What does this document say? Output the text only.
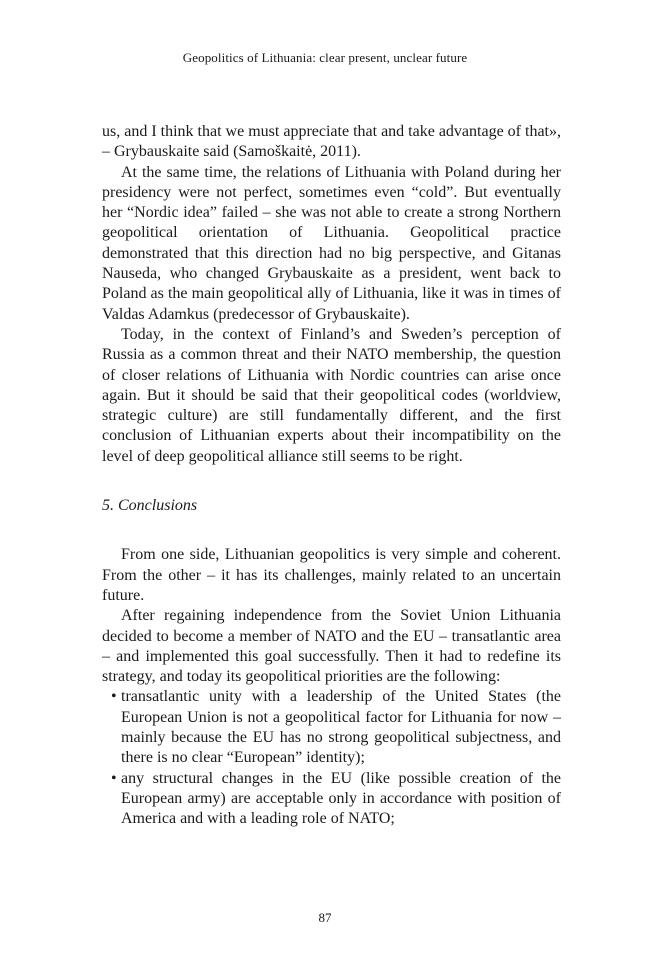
Geopolitics of Lithuania: clear present, unclear future

us, and I think that we must appreciate that and take advantage of that», – Grybauskaite said (Samoškaitė, 2011).

At the same time, the relations of Lithuania with Poland during her presidency were not perfect, sometimes even “cold”. But eventually her “Nordic idea” failed – she was not able to create a strong Northern geopolitical orientation of Lithuania. Geopolitical practice demonstrated that this direction had no big perspective, and Gitanas Nauseda, who changed Grybauskaite as a president, went back to Poland as the main geopolitical ally of Lithuania, like it was in times of Valdas Adamkus (predecessor of Grybauskaite).

Today, in the context of Finland’s and Sweden’s perception of Russia as a common threat and their NATO membership, the question of closer relations of Lithuania with Nordic countries can arise once again. But it should be said that their geopolitical codes (worldview, strategic culture) are still fundamentally different, and the first conclusion of Lithuanian experts about their incompatibility on the level of deep geopolitical alliance still seems to be right.

5. Conclusions

From one side, Lithuanian geopolitics is very simple and coherent. From the other – it has its challenges, mainly related to an uncertain future.

After regaining independence from the Soviet Union Lithuania decided to become a member of NATO and the EU – transatlantic area – and implemented this goal successfully. Then it had to redefine its strategy, and today its geopolitical priorities are the following:

• transatlantic unity with a leadership of the United States (the European Union is not a geopolitical factor for Lithuania for now – mainly because the EU has no strong geopolitical subjectness, and there is no clear “European” identity);
• any structural changes in the EU (like possible creation of the European army) are acceptable only in accordance with position of America and with a leading role of NATO;
87
